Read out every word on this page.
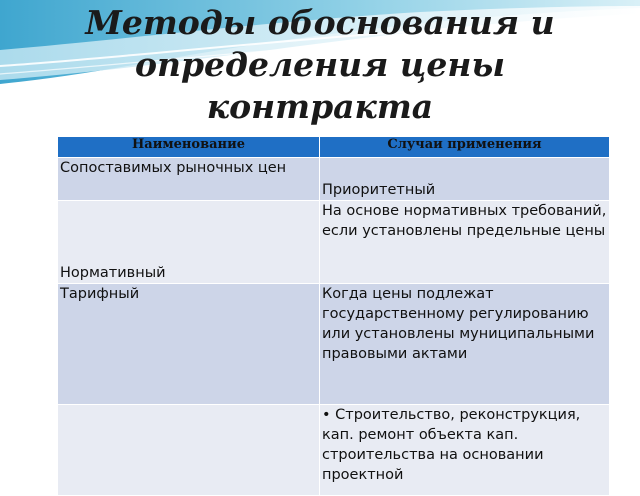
Методы обоснования и
определения цены
контракта
Наименование	Случаи применения
Сопоставимых рыночных цен	Приоритетный
Нормативный	На основе нормативных требований, если установлены предельные цены
Тарифный	Когда цены подлежат государственному регулированию или установлены муниципальными правовыми актами
	• Строительство, реконструкция, кап. ремонт объекта кап. строительства на основании проектной
